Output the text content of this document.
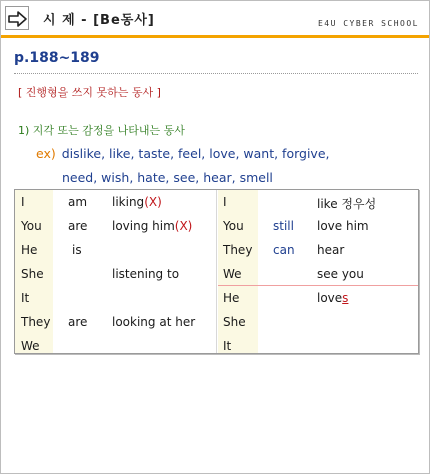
시 제 - [Be동사]	E4U CYBER SCHOOL
p.188~189
[ 진행형을 쓰지 못하는 동사 ]
1) 지각 또는 감정을 나타내는 동사
ex) dislike, like, taste, feel, love, want, forgive,
need, wish, hate, see, hear, smell
I
You
He
She
It
They
We
am
are
is
are
liking(X)
loving him(X)
listening to
looking at her
I
You
They
We
He
She
It
still
can
like 정우성
love him
hear
see you
loves
